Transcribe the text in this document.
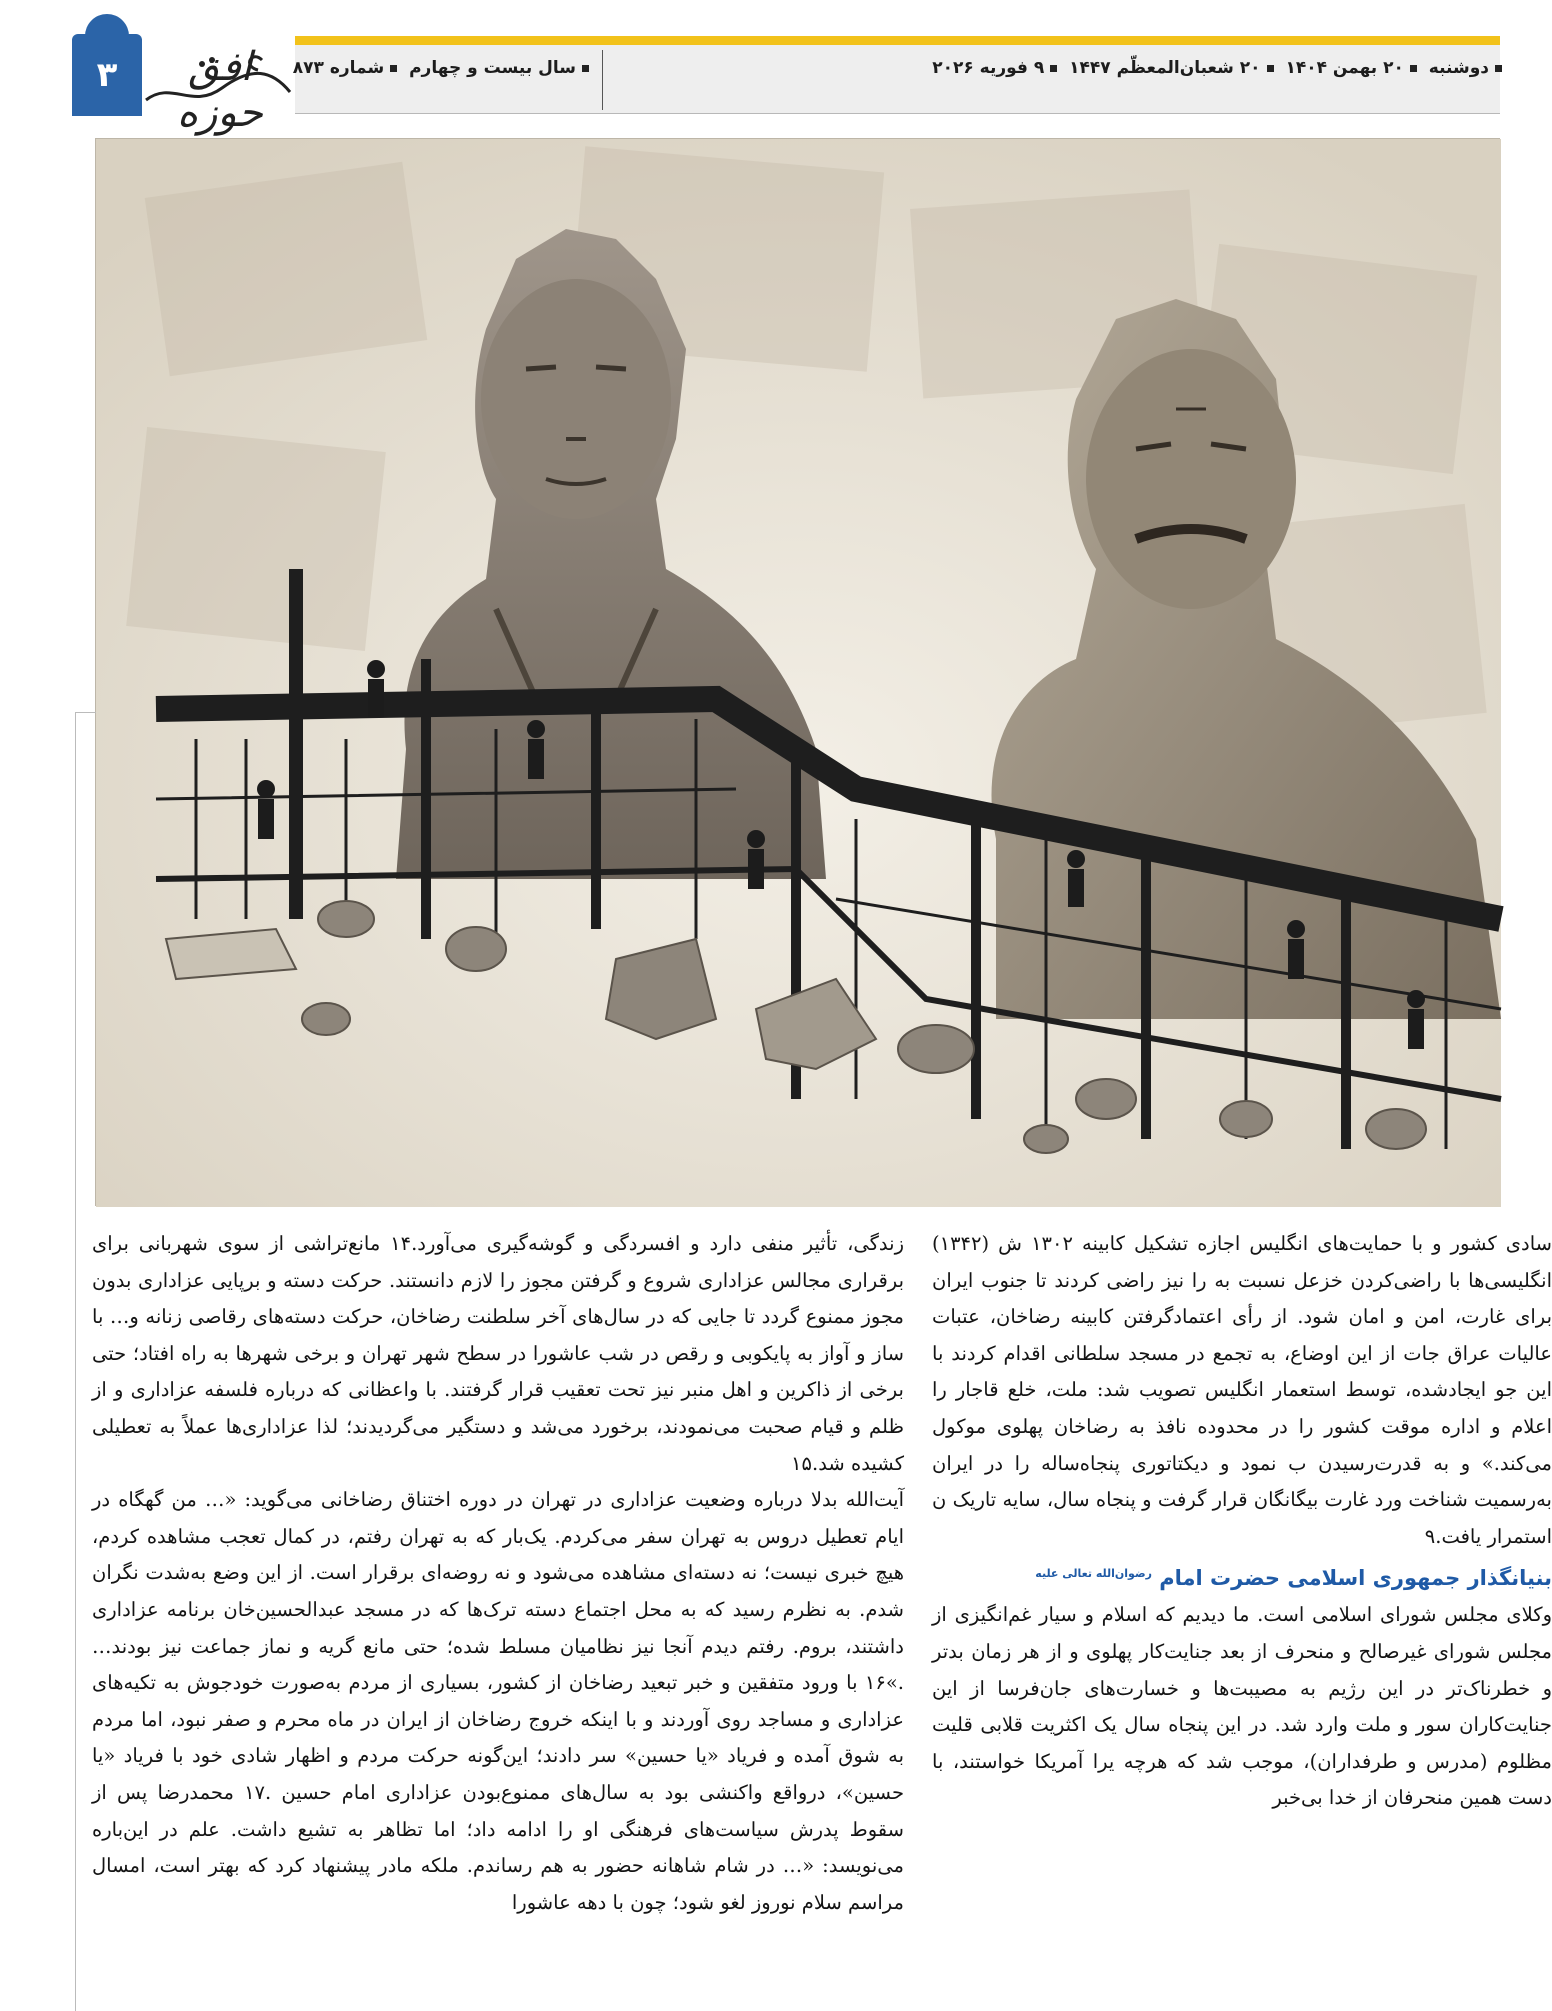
۳	افق حوزه
دوشنبه ۲۰ بهمن ۱۴۰۴ ۲۰ شعبان‌المعظّم ۱۴۴۷ ۹ فوریه ۲۰۲۶
سال بیست و چهارم شماره ۸۷۳

زندگی، تأثیر منفی دارد و افسردگی و گوشه‌گیری می‌آورد.۱۴ مانع‌تراشی از سوی شهربانی برای برقراری مجالس عزاداری شروع و گرفتن مجوز را لازم دانستند. حرکت دسته و برپایی عزاداری بدون مجوز ممنوع گردد تا جایی که در سال‌های آخر سلطنت رضاخان، حرکت دسته‌های رقاصی زنانه و… با ساز و آواز به پایکوبی و رقص در شب عاشورا در سطح شهر تهران و برخی شهرها به راه افتاد؛ حتی برخی از ذاکرین و اهل منبر نیز تحت تعقیب قرار گرفتند. با واعظانی که درباره فلسفه عزاداری و از ظلم و قیام صحبت می‌نمودند، برخورد می‌شد و دستگیر می‌گردیدند؛ لذا عزاداری‌ها عملاً به تعطیلی کشیده شد.۱۵

آیت‌الله بدلا درباره وضعیت عزاداری در تهران در دوره اختناق رضاخانی می‌گوید: «… من گهگاه در ایام تعطیل دروس به تهران سفر می‌کردم. یک‌بار که به تهران رفتم، در کمال تعجب مشاهده کردم، هیچ خبری نیست؛ نه دسته‌ای مشاهده می‌شود و نه روضه‌ای برقرار است. از این وضع به‌شدت نگران شدم. به نظرم رسید که به محل اجتماع دسته ترک‌ها که در مسجد عبدالحسین‌خان برنامه عزاداری داشتند، بروم. رفتم دیدم آنجا نیز نظامیان مسلط شده؛ حتی مانع گریه و نماز جماعت نیز بودند… .»۱۶ با ورود متفقین و خبر تبعید رضاخان از کشور، بسیاری از مردم به‌صورت خودجوش به تکیه‌های عزاداری و مساجد روی آوردند و با اینکه خروج رضاخان از ایران در ماه محرم و صفر نبود، اما مردم به شوق آمده و فریاد «یا حسین» سر دادند؛ این‌گونه حرکت مردم و اظهار شادی خود با فریاد «یا حسین»، درواقع واکنشی بود به سال‌های ممنوع‌بودن عزاداری امام حسین .۱۷ محمدرضا پس از سقوط پدرش سیاست‌های فرهنگی او را ادامه داد؛ اما تظاهر به تشیع داشت. علم در این‌باره می‌نویسد: «… در شام شاهانه حضور به هم رساندم. ملکه مادر پیشنهاد کرد که بهتر است، امسال مراسم سلام نوروز لغو شود؛ چون با دهه عاشورا

سادی کشور و با حمایت‌های انگلیس اجازه تشکیل کابینه ۱۳۰۲ ش (۱۳۴۲) انگلیسی‌ها با راضی‌کردن خزعل نسبت به را نیز راضی کردند تا جنوب ایران برای غارت، امن و امان شود. از رأی اعتمادگرفتن کابینه رضاخان، عتبات عالیات عراق جات از این اوضاع، به تجمع در مسجد سلطانی اقدام کردند با این جو ایجادشده، توسط استعمار انگلیس تصویب شد: ملت، خلع قاجار را اعلام و اداره موقت کشور را در محدوده نافذ به رضاخان پهلوی موکول می‌کند.» و به قدرت‌رسیدن ب نمود و دیکتاتوری پنجاه‌ساله را در ایران به‌رسمیت شناخت ورد غارت بیگانگان قرار گرفت و پنجاه سال، سایه تاریک ن استمرار یافت.۹

بنیانگذار جمهوری اسلامی حضرت امام $^{رضوان‌الله تعالی علیه}$

وکلای مجلس شورای اسلامی است. ما دیدیم که اسلام و سیار غم‌انگیزی از مجلس شورای غیرصالح و منحرف از بعد جنایت‌کار پهلوی و از هر زمان بدتر و خطرناک‌تر در این رژیم به مصیبت‌ها و خسارت‌های جان‌فرسا از این جنایت‌کاران سور و ملت وارد شد. در این پنجاه سال یک اکثریت قلابی قلیت مظلوم (مدرس و طرفداران)، موجب شد که هرچه یرا آمریکا خواستند، با دست همین منحرفان از خدا بی‌خبر
